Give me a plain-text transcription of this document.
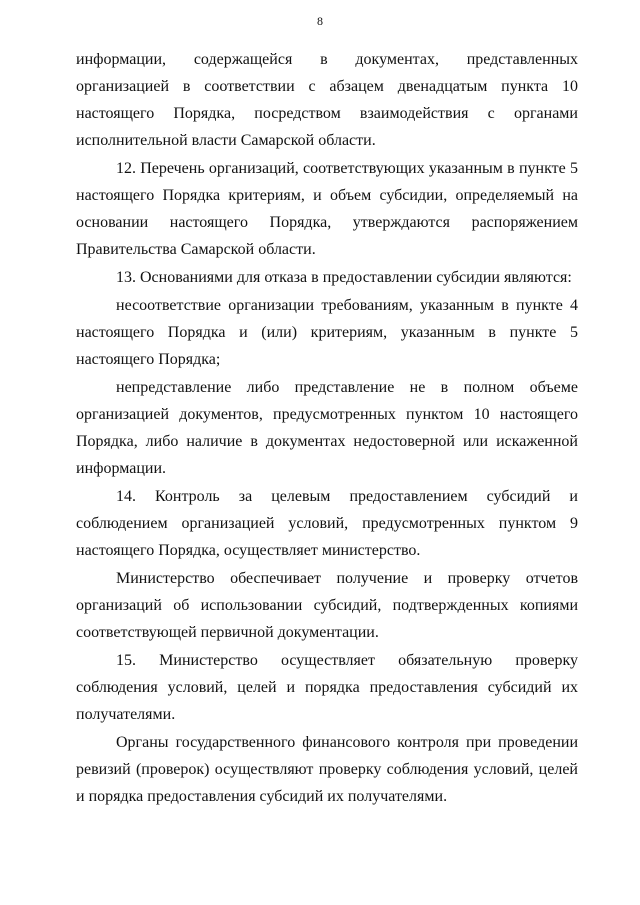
8

информации, содержащейся в документах, представленных организацией в соответствии с абзацем двенадцатым пункта 10 настоящего Порядка, посредством взаимодействия с органами исполнительной власти Самарской области.

12. Перечень организаций, соответствующих указанным в пункте 5 настоящего Порядка критериям, и объем субсидии, определяемый на основании настоящего Порядка, утверждаются распоряжением Правительства Самарской области.

13. Основаниями для отказа в предоставлении субсидии являются:

несоответствие организации требованиям, указанным в пункте 4 настоящего Порядка и (или) критериям, указанным в пункте 5 настоящего Порядка;

непредставление либо представление не в полном объеме организацией документов, предусмотренных пунктом 10 настоящего Порядка, либо наличие в документах недостоверной или искаженной информации.

14. Контроль за целевым предоставлением субсидий и соблюдением организацией условий, предусмотренных пунктом 9 настоящего Порядка, осуществляет министерство.

Министерство обеспечивает получение и проверку отчетов организаций об использовании субсидий, подтвержденных копиями соответствующей первичной документации.

15. Министерство осуществляет обязательную проверку соблюдения условий, целей и порядка предоставления субсидий их получателями.

Органы государственного финансового контроля при проведении ревизий (проверок) осуществляют проверку соблюдения условий, целей и порядка предоставления субсидий их получателями.
